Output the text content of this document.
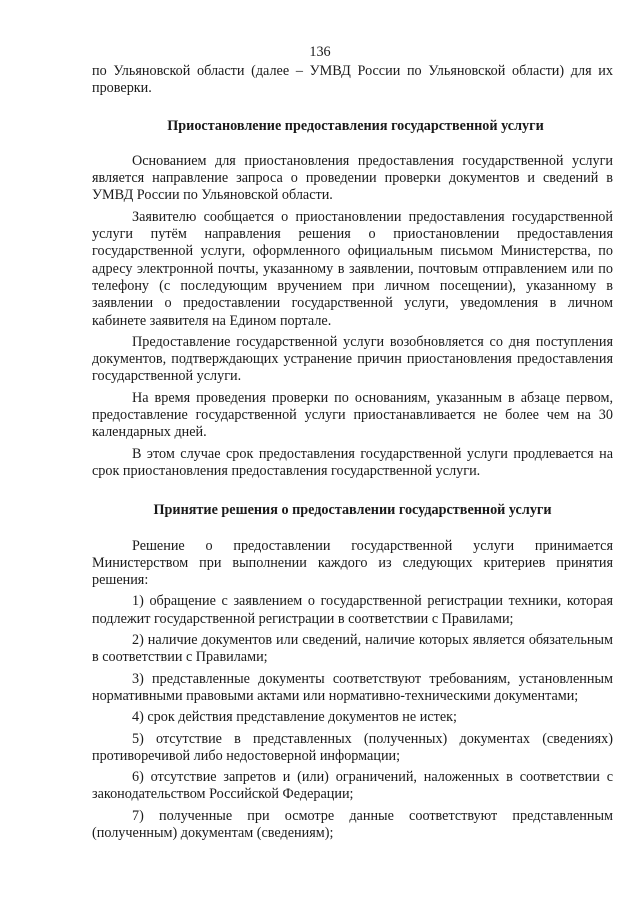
136

по Ульяновской области (далее – УМВД России по Ульяновской области) для их проверки.

Приостановление предоставления государственной услуги

Основанием для приостановления предоставления государственной услуги является направление запроса о проведении проверки документов и сведений в УМВД России по Ульяновской области.

Заявителю сообщается о приостановлении предоставления государственной услуги путём направления решения о приостановлении предоставления государственной услуги, оформленного официальным письмом Министерства, по адресу электронной почты, указанному в заявлении, почтовым отправлением или по телефону (с последующим вручением при личном посещении), указанному в заявлении о предоставлении государственной услуги, уведомления в личном кабинете заявителя на Едином портале.

Предоставление государственной услуги возобновляется со дня поступления документов, подтверждающих устранение причин приостановления предоставления государственной услуги.

На время проведения проверки по основаниям, указанным в абзаце первом, предоставление государственной услуги приостанавливается не более чем на 30 календарных дней.

В этом случае срок предоставления государственной услуги продлевается на срок приостановления предоставления государственной услуги.

Принятие решения о предоставлении государственной услуги

Решение о предоставлении государственной услуги принимается Министерством при выполнении каждого из следующих критериев принятия решения:

1) обращение с заявлением о государственной регистрации техники, которая подлежит государственной регистрации в соответствии с Правилами;

2) наличие документов или сведений, наличие которых является обязательным в соответствии с Правилами;

3) представленные документы соответствуют требованиям, установленным нормативными правовыми актами или нормативно-техническими документами;

4) срок действия представление документов не истек;

5) отсутствие в представленных (полученных) документах (сведениях) противоречивой либо недостоверной информации;

6) отсутствие запретов и (или) ограничений, наложенных в соответствии с законодательством Российской Федерации;

7) полученные при осмотре данные соответствуют представленным (полученным) документам (сведениям);
